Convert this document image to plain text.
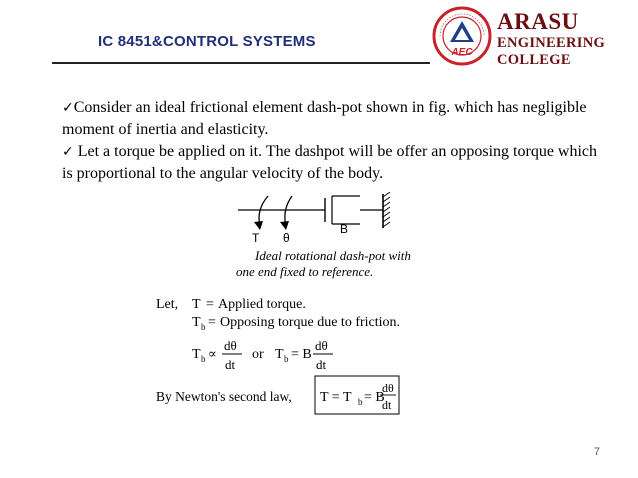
IC 8451&CONTROL SYSTEMS
AEC
ARASU
ENGINEERING
COLLEGE

✓Consider an ideal frictional element dash-pot shown in fig. which has negligible moment of inertia and elasticity.

✓ Let a torque be applied on it. The dashpot will be offer an opposing torque which is proportional to the angular velocity of the body.

T θ
B
Ideal rotational dash-pot with
one end fixed to reference.
Let, T = Applied torque.
T b = Opposing torque due to friction.
T b ∝
dθ
dt
or T b = B
dθ
dt
By Newton's second law, T = T b = B
dθ
dt
7
